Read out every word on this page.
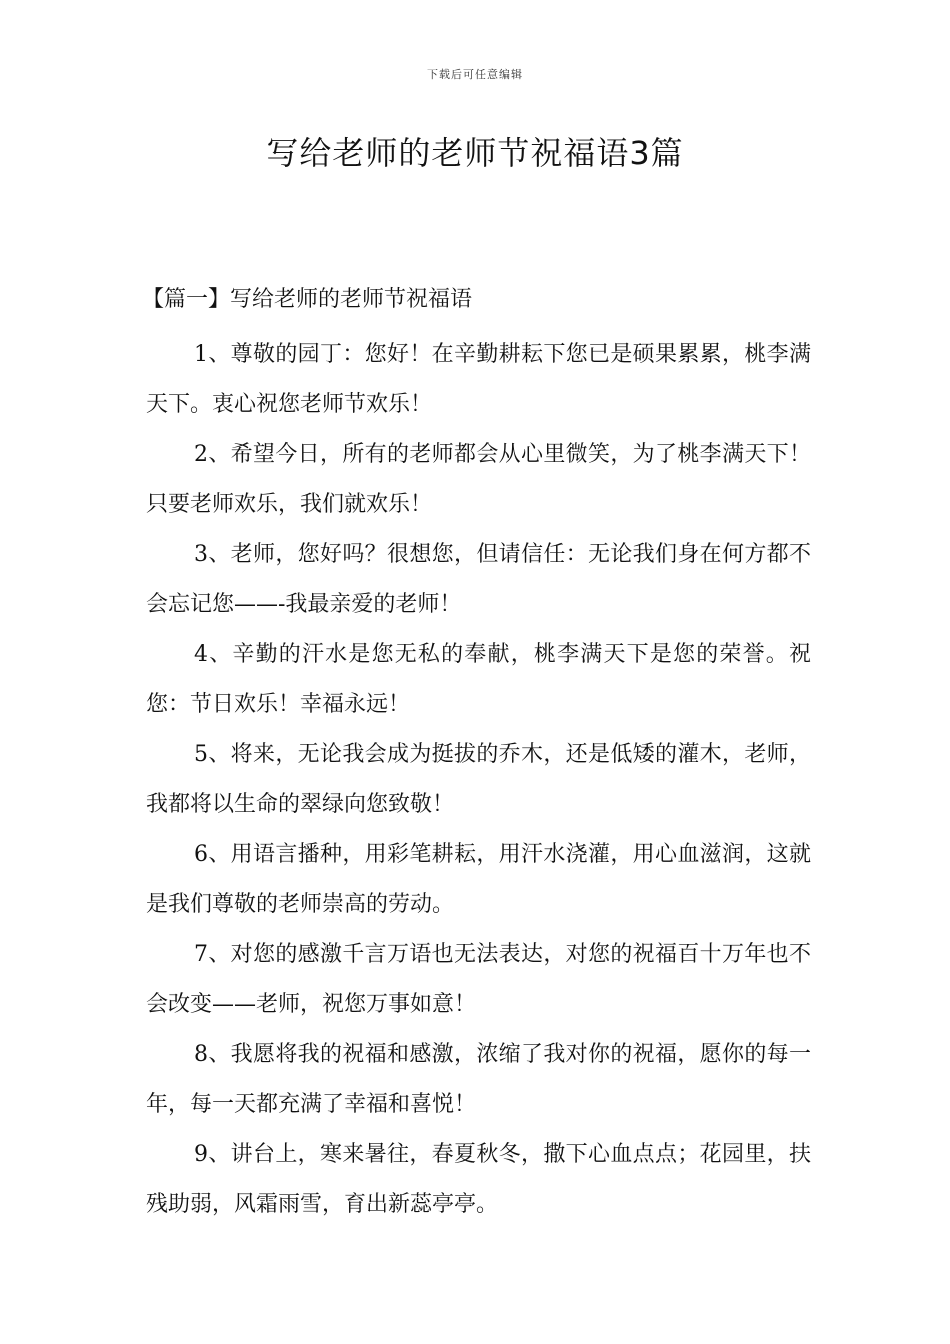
下载后可任意编辑
写给老师的老师节祝福语3篇
【篇一】写给老师的老师节祝福语

1、尊敬的园丁：您好！在辛勤耕耘下您已是硕果累累，桃李满天下。衷心祝您老师节欢乐！

2、希望今日，所有的老师都会从心里微笑，为了桃李满天下！只要老师欢乐，我们就欢乐！

3、老师，您好吗？很想您，但请信任：无论我们身在何方都不会忘记您——-我最亲爱的老师！

4、辛勤的汗水是您无私的奉献，桃李满天下是您的荣誉。祝您：节日欢乐！幸福永远！

5、将来，无论我会成为挺拔的乔木，还是低矮的灌木，老师，我都将以生命的翠绿向您致敬！

6、用语言播种，用彩笔耕耘，用汗水浇灌，用心血滋润，这就是我们尊敬的老师崇高的劳动。

7、对您的感激千言万语也无法表达，对您的祝福百十万年也不会改变——老师，祝您万事如意！

8、我愿将我的祝福和感激，浓缩了我对你的祝福，愿你的每一年，每一天都充满了幸福和喜悦！

9、讲台上，寒来暑往，春夏秋冬，撒下心血点点；花园里，扶残助弱，风霜雨雪，育出新蕊亭亭。
